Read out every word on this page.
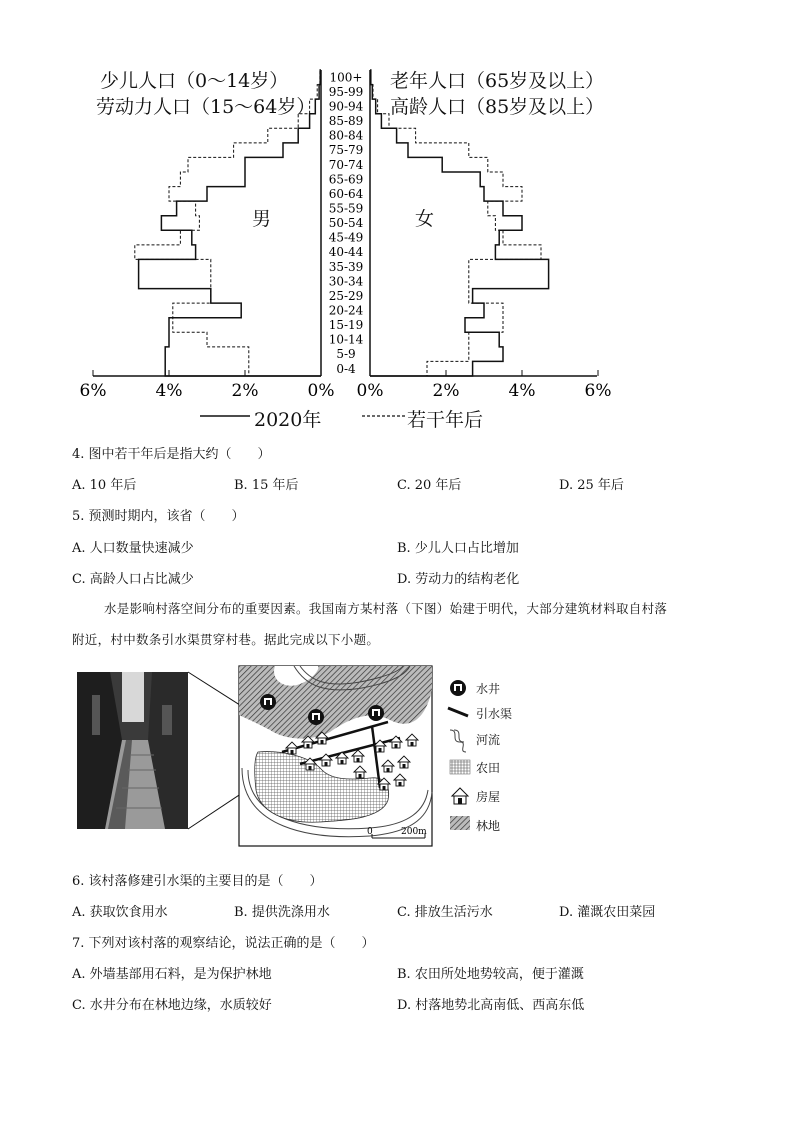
6%	4%	2%	0% 0%	2%	4%	6%
100+
95-99
90-94
85-89
80-84
75-79
70-74
65-69
60-64
55-59
50-54
45-49
40-44
35-39
30-34
25-29
20-24
15-19
10-14
5-9
0-4
少儿人口（0～14岁）
劳动力人口（15～64岁）
老年人口（65岁及以上）
高龄人口（85岁及以上）
男	女
2020年	若干年后
4. 图中若干年后是指大约（　　）
A. 10 年后	B. 15 年后	C. 20 年后	D. 25 年后
5. 预测时期内，该省（　　）
A. 人口数量快速减少	B. 少儿人口占比增加
C. 高龄人口占比减少	D. 劳动力的结构老化
水是影响村落空间分布的重要因素。我国南方某村落（下图）始建于明代，大部分建筑材料取自村落
附近，村中数条引水渠贯穿村巷。据此完成以下小题。
0	200m
水井
引水渠
河流
农田
房屋
林地
6. 该村落修建引水渠的主要目的是（　　）
A. 获取饮食用水	B. 提供洗涤用水	C. 排放生活污水	D. 灌溉农田菜园
7. 下列对该村落的观察结论，说法正确的是（　　）
A. 外墙基部用石料，是为保护林地	B. 农田所处地势较高，便于灌溉
C. 水井分布在林地边缘，水质较好	D. 村落地势北高南低、西高东低
